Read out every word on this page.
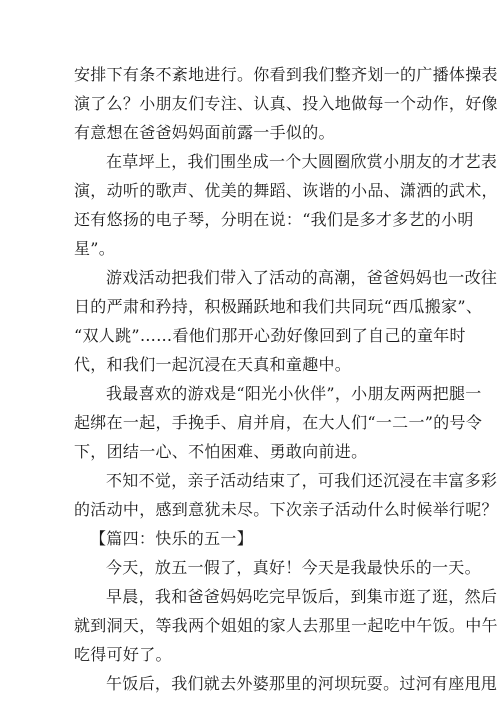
安排下有条不紊地进行。你看到我们整齐划一的广播体操表
演了么？小朋友们专注、认真、投入地做每一个动作，好像
有意想在爸爸妈妈面前露一手似的。
在草坪上，我们围坐成一个大圆圈欣赏小朋友的才艺表
演，动听的歌声、优美的舞蹈、诙谐的小品、潇洒的武术，
还有悠扬的电子琴，分明在说：“我们是多才多艺的小明
星”。
游戏活动把我们带入了活动的高潮，爸爸妈妈也一改往
日的严肃和矜持，积极踊跃地和我们共同玩“西瓜搬家”、
“双人跳”……看他们那开心劲好像回到了自己的童年时
代，和我们一起沉浸在天真和童趣中。
我最喜欢的游戏是“阳光小伙伴”，小朋友两两把腿一
起绑在一起，手挽手、肩并肩，在大人们“一二一”的号令
下，团结一心、不怕困难、勇敢向前进。
不知不觉，亲子活动结束了，可我们还沉浸在丰富多彩
的活动中，感到意犹未尽。下次亲子活动什么时候举行呢？
【篇四：快乐的五一】
今天，放五一假了，真好！今天是我最快乐的一天。
早晨，我和爸爸妈妈吃完早饭后，到集市逛了逛，然后
就到洞天，等我两个姐姐的家人去那里一起吃中午饭。中午
吃得可好了。
午饭后，我们就去外婆那里的河坝玩耍。过河有座甩甩
